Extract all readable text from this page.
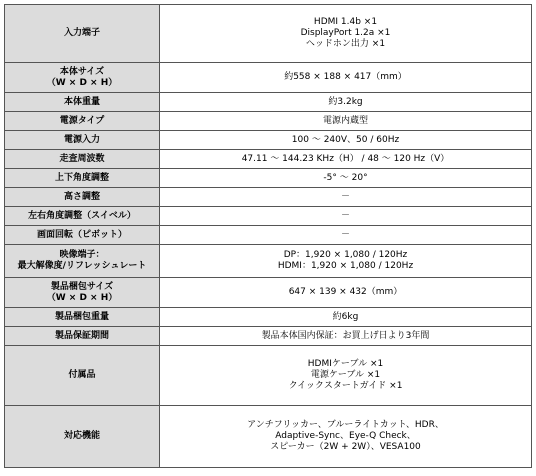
入力端子	HDMI 1.4b ×1
DisplayPort 1.2a ×1
ヘッドホン出力 ×1

本体サイズ
（W × D × H）	約558 × 188 × 417（mm）

本体重量	約3.2kg

電源タイプ	電源内蔵型

電源入力	100 ～ 240V、50 / 60Hz

走査周波数	47.11 ～ 144.23 KHz（H） / 48 ～ 120 Hz（V）

上下角度調整	-5° ～ 20°

高さ調整	－

左右角度調整（スイベル）	－

画面回転（ピボット）	－

映像端子：
最大解像度/リフレッシュレート	DP：1,920 × 1,080 / 120Hz
HDMI：1,920 × 1,080 / 120Hz

製品梱包サイズ
（W × D × H）	647 × 139 × 432（mm）

製品梱包重量	約6kg

製品保証期間	製品本体国内保証：お買上げ日より3年間

付属品	HDMIケーブル ×1
電源ケーブル ×1
クイックスタートガイド ×1

対応機能	アンチフリッカー、ブルーライトカット、HDR、
Adaptive-Sync、Eye-Q Check、
スピーカー（2W + 2W）、VESA100
